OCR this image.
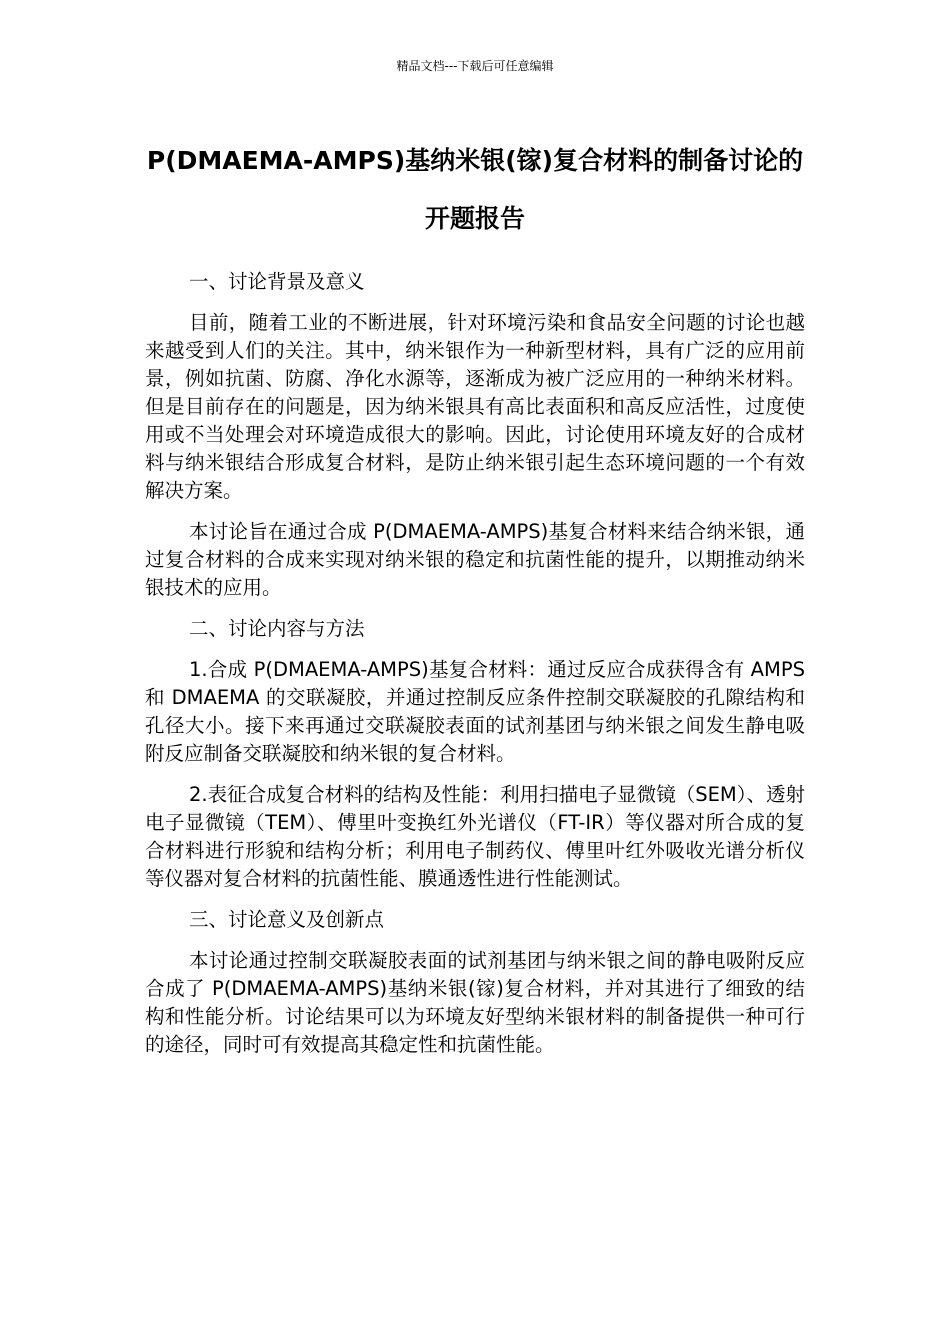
精品文档---下载后可任意编辑
P(DMAEMA-AMPS)基纳米银(镓)复合材料的制备讨论的开题报告

一、讨论背景及意义

目前，随着工业的不断进展，针对环境污染和食品安全问题的讨论也越来越受到人们的关注。其中，纳米银作为一种新型材料，具有广泛的应用前景，例如抗菌、防腐、净化水源等，逐渐成为被广泛应用的一种纳米材料。但是目前存在的问题是，因为纳米银具有高比表面积和高反应活性，过度使用或不当处理会对环境造成很大的影响。因此，讨论使用环境友好的合成材料与纳米银结合形成复合材料，是防止纳米银引起生态环境问题的一个有效解决方案。

本讨论旨在通过合成 P(DMAEMA-AMPS)基复合材料来结合纳米银，通过复合材料的合成来实现对纳米银的稳定和抗菌性能的提升，以期推动纳米银技术的应用。

二、讨论内容与方法

1.合成 P(DMAEMA-AMPS)基复合材料：通过反应合成获得含有 AMPS 和 DMAEMA 的交联凝胶，并通过控制反应条件控制交联凝胶的孔隙结构和孔径大小。接下来再通过交联凝胶表面的试剂基团与纳米银之间发生静电吸附反应制备交联凝胶和纳米银的复合材料。

2.表征合成复合材料的结构及性能：利用扫描电子显微镜（SEM）、透射电子显微镜（TEM）、傅里叶变换红外光谱仪（FT-IR）等仪器对所合成的复合材料进行形貌和结构分析；利用电子制药仪、傅里叶红外吸收光谱分析仪等仪器对复合材料的抗菌性能、膜通透性进行性能测试。

三、讨论意义及创新点

本讨论通过控制交联凝胶表面的试剂基团与纳米银之间的静电吸附反应合成了 P(DMAEMA-AMPS)基纳米银(镓)复合材料，并对其进行了细致的结构和性能分析。讨论结果可以为环境友好型纳米银材料的制备提供一种可行的途径，同时可有效提高其稳定性和抗菌性能。
